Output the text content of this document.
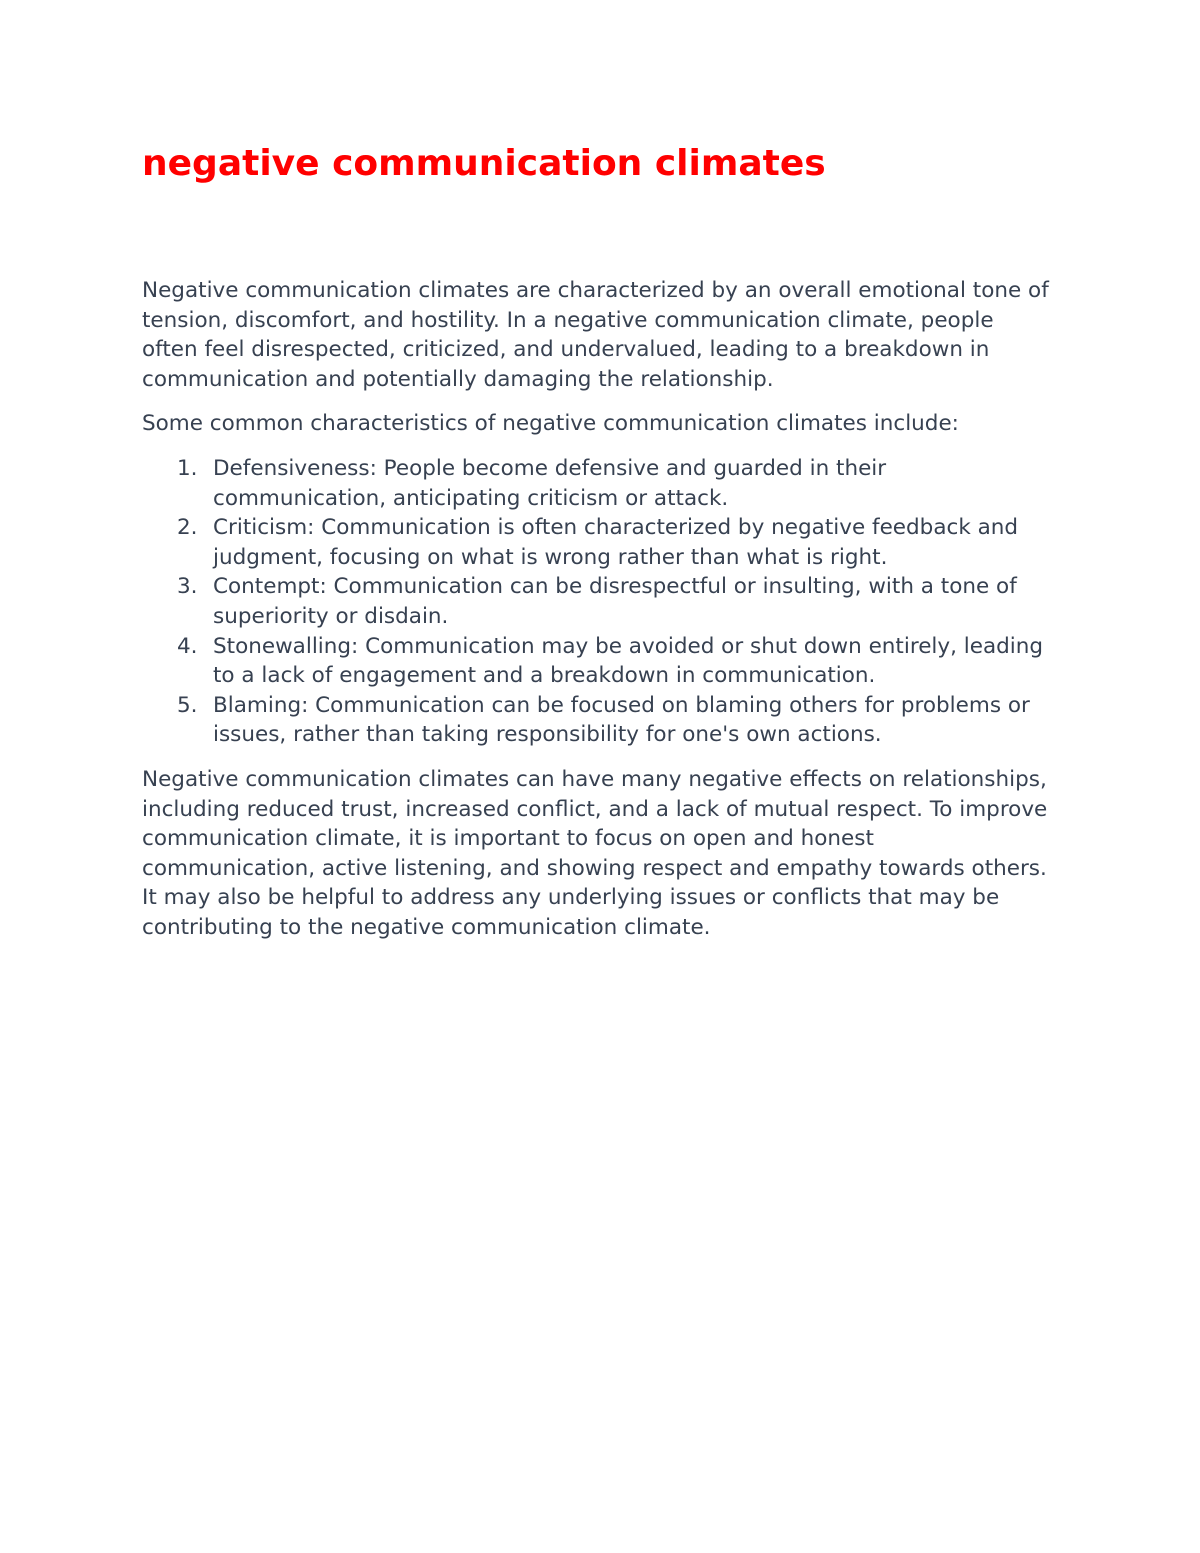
negative communication climates

Negative communication climates are characterized by an overall emotional tone of tension, discomfort, and hostility. In a negative communication climate, people often feel disrespected, criticized, and undervalued, leading to a breakdown in communication and potentially damaging the relationship.

Some common characteristics of negative communication climates include:

1. Defensiveness: People become defensive and guarded in their communication, anticipating criticism or attack.
2. Criticism: Communication is often characterized by negative feedback and judgment, focusing on what is wrong rather than what is right.
3. Contempt: Communication can be disrespectful or insulting, with a tone of superiority or disdain.
4. Stonewalling: Communication may be avoided or shut down entirely, leading to a lack of engagement and a breakdown in communication.
5. Blaming: Communication can be focused on blaming others for problems or issues, rather than taking responsibility for one's own actions.

Negative communication climates can have many negative effects on relationships, including reduced trust, increased conflict, and a lack of mutual respect. To improve communication climate, it is important to focus on open and honest communication, active listening, and showing respect and empathy towards others. It may also be helpful to address any underlying issues or conflicts that may be contributing to the negative communication climate.
